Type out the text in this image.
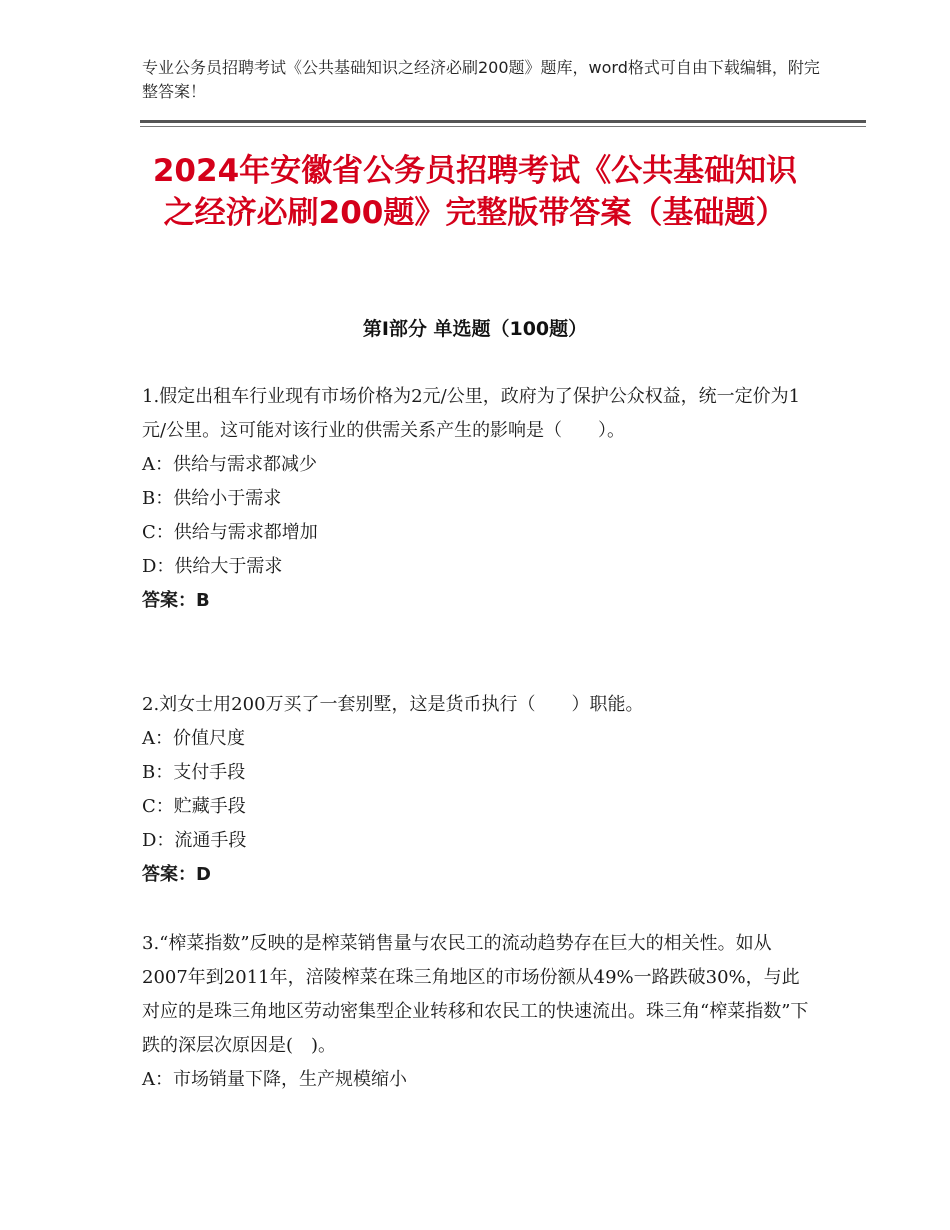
专业公务员招聘考试《公共基础知识之经济必刷200题》题库，word格式可自由下载编辑，附完整答案！
2024年安徽省公务员招聘考试《公共基础知识之经济必刷200题》完整版带答案（基础题）
第I部分 单选题（100题）

1.假定出租车行业现有市场价格为2元/公里，政府为了保护公众权益，统一定价为1元/公里。这可能对该行业的供需关系产生的影响是（　　）。

A：供给与需求都减少

B：供给小于需求

C：供给与需求都增加

D：供给大于需求

答案：B

2.刘女士用200万买了一套别墅，这是货币执行（　　）职能。

A：价值尺度

B：支付手段

C：贮藏手段

D：流通手段

答案：D

3.“榨菜指数”反映的是榨菜销售量与农民工的流动趋势存在巨大的相关性。如从2007年到2011年，涪陵榨菜在珠三角地区的市场份额从49%一路跌破30%，与此对应的是珠三角地区劳动密集型企业转移和农民工的快速流出。珠三角“榨菜指数”下跌的深层次原因是(　)。

A：市场销量下降，生产规模缩小
